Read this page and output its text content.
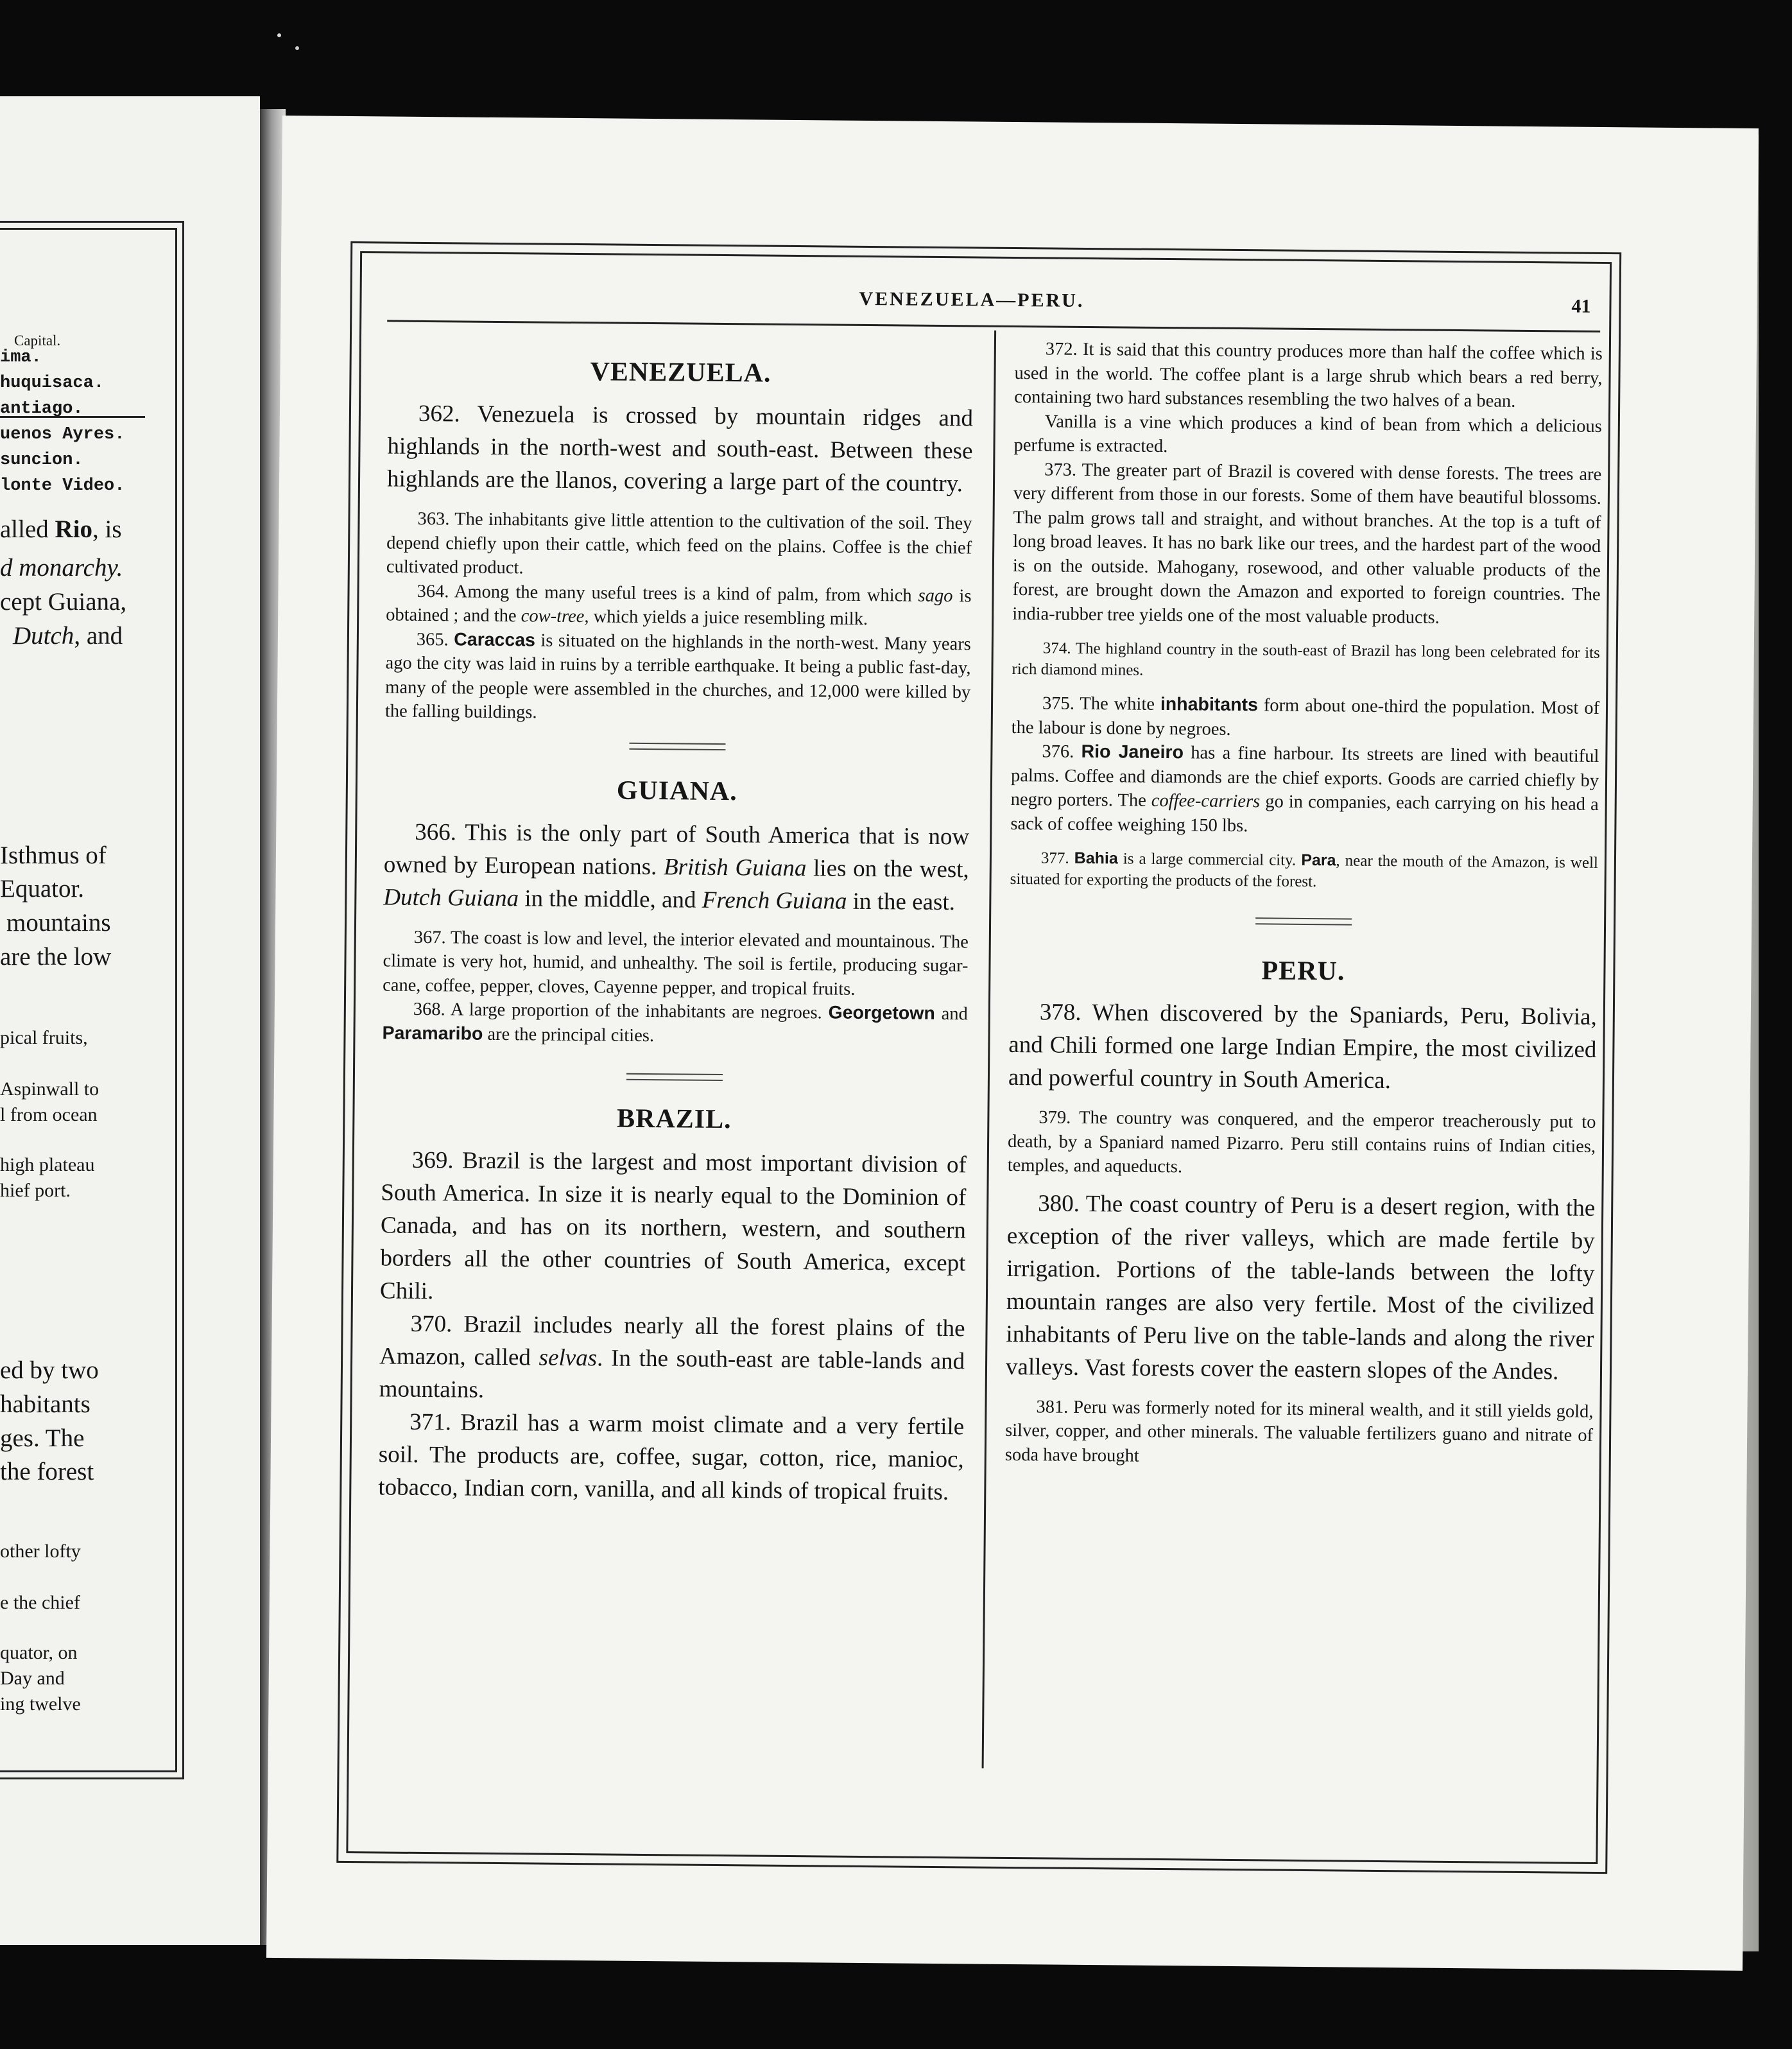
Capital.
ima.
huquisaca.
antiago.
uenos Ayres.
suncion.
lonte Video.
alled Rio, is
d monarchy.
cept Guiana,
Dutch, and
Isthmus of
Equator.
mountains
are the low
pical fruits,
Aspinwall to
l from ocean
high plateau
hief port.
ed by two
habitants
ges. The
the forest
other lofty
e the chief
quator, on
Day and
ing twelve
VENEZUELA—PERU.	41
VENEZUELA.

362. Venezuela is crossed by mountain ridges and highlands in the north-west and south-east. Between these highlands are the llanos, covering a large part of the country.

363. The inhabitants give little attention to the cultivation of the soil. They depend chiefly upon their cattle, which feed on the plains. Coffee is the chief cultivated product.

364. Among the many useful trees is a kind of palm, from which sago is obtained ; and the cow-tree, which yields a juice resembling milk.

365. Caraccas is situated on the highlands in the north-west. Many years ago the city was laid in ruins by a terrible earthquake. It being a public fast-day, many of the people were assembled in the churches, and 12,000 were killed by the falling buildings.

GUIANA.

366. This is the only part of South America that is now owned by European nations. British Guiana lies on the west, Dutch Guiana in the middle, and French Guiana in the east.

367. The coast is low and level, the interior elevated and mountainous. The climate is very hot, humid, and unhealthy. The soil is fertile, producing sugar-cane, coffee, pepper, cloves, Cayenne pepper, and tropical fruits.

368. A large proportion of the inhabitants are negroes. Georgetown and Paramaribo are the principal cities.

BRAZIL.

369. Brazil is the largest and most important division of South America. In size it is nearly equal to the Dominion of Canada, and has on its northern, western, and southern borders all the other countries of South America, except Chili.

370. Brazil includes nearly all the forest plains of the Amazon, called selvas. In the south-east are table-lands and mountains.

371. Brazil has a warm moist climate and a very fertile soil. The products are, coffee, sugar, cotton, rice, manioc, tobacco, Indian corn, vanilla, and all kinds of tropical fruits.

372. It is said that this country produces more than half the coffee which is used in the world. The coffee plant is a large shrub which bears a red berry, containing two hard substances resembling the two halves of a bean.

Vanilla is a vine which produces a kind of bean from which a delicious perfume is extracted.

373. The greater part of Brazil is covered with dense forests. The trees are very different from those in our forests. Some of them have beautiful blossoms. The palm grows tall and straight, and without branches. At the top is a tuft of long broad leaves. It has no bark like our trees, and the hardest part of the wood is on the outside. Mahogany, rosewood, and other valuable products of the forest, are brought down the Amazon and exported to foreign countries. The india-rubber tree yields one of the most valuable products.

374. The highland country in the south-east of Brazil has long been celebrated for its rich diamond mines.

375. The white inhabitants form about one-third the population. Most of the labour is done by negroes.

376. Rio Janeiro has a fine harbour. Its streets are lined with beautiful palms. Coffee and diamonds are the chief exports. Goods are carried chiefly by negro porters. The coffee-carriers go in companies, each carrying on his head a sack of coffee weighing 150 lbs.

377. Bahia is a large commercial city. Para, near the mouth of the Amazon, is well situated for exporting the products of the forest.

PERU.

378. When discovered by the Spaniards, Peru, Bolivia, and Chili formed one large Indian Empire, the most civilized and powerful country in South America.

379. The country was conquered, and the emperor treacherously put to death, by a Spaniard named Pizarro. Peru still contains ruins of Indian cities, temples, and aqueducts.

380. The coast country of Peru is a desert region, with the exception of the river valleys, which are made fertile by irrigation. Portions of the table-lands between the lofty mountain ranges are also very fertile. Most of the civilized inhabitants of Peru live on the table-lands and along the river valleys. Vast forests cover the eastern slopes of the Andes.

381. Peru was formerly noted for its mineral wealth, and it still yields gold, silver, copper, and other minerals. The valuable fertilizers guano and nitrate of soda have brought
